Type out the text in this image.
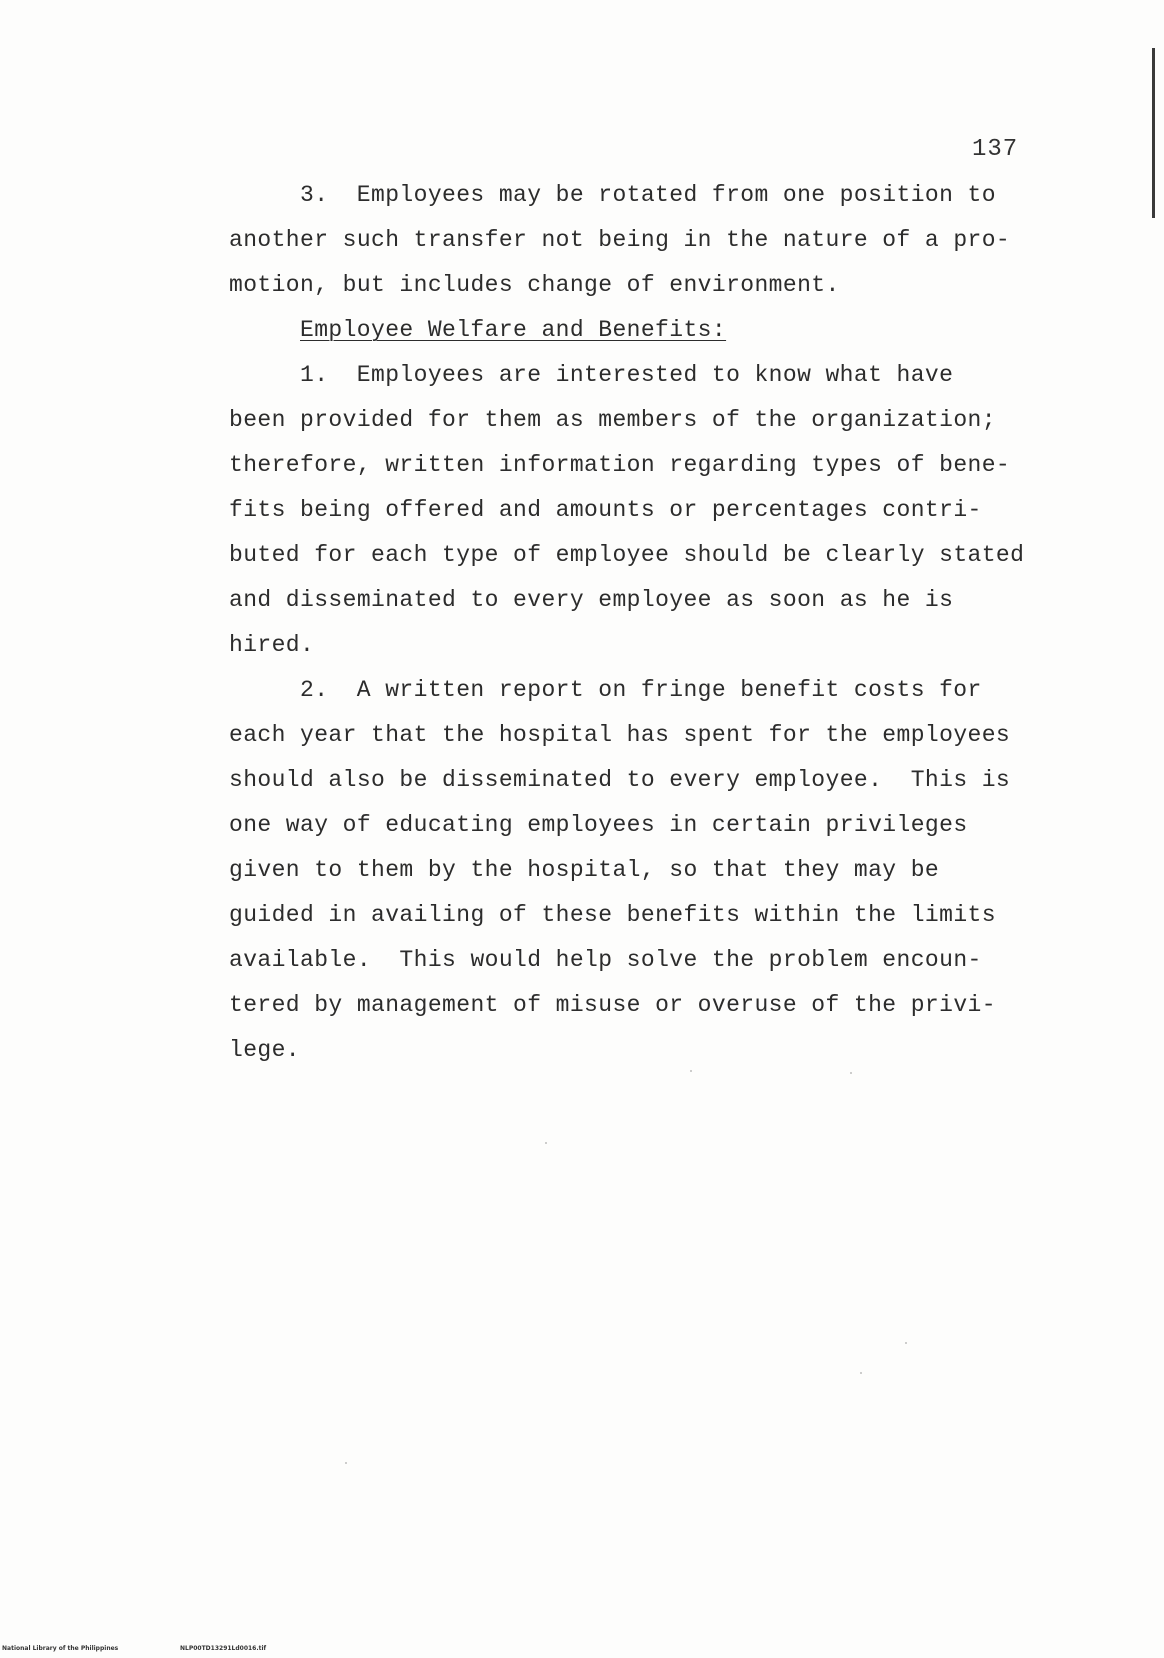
137
3.  Employees may be rotated from one position to
another such transfer not being in the nature of a pro-
motion, but includes change of environment.
Employee Welfare and Benefits:
1.  Employees are interested to know what have
been provided for them as members of the organization;
therefore, written information regarding types of bene-
fits being offered and amounts or percentages contri-
buted for each type of employee should be clearly stated
and disseminated to every employee as soon as he is
hired.
2.  A written report on fringe benefit costs for
each year that the hospital has spent for the employees
should also be disseminated to every employee.  This is
one way of educating employees in certain privileges
given to them by the hospital, so that they may be
guided in availing of these benefits within the limits
available.  This would help solve the problem encoun-
tered by management of misuse or overuse of the privi-
lege.
National Library of the Philippines	NLP00TD13291Ld0016.tif
